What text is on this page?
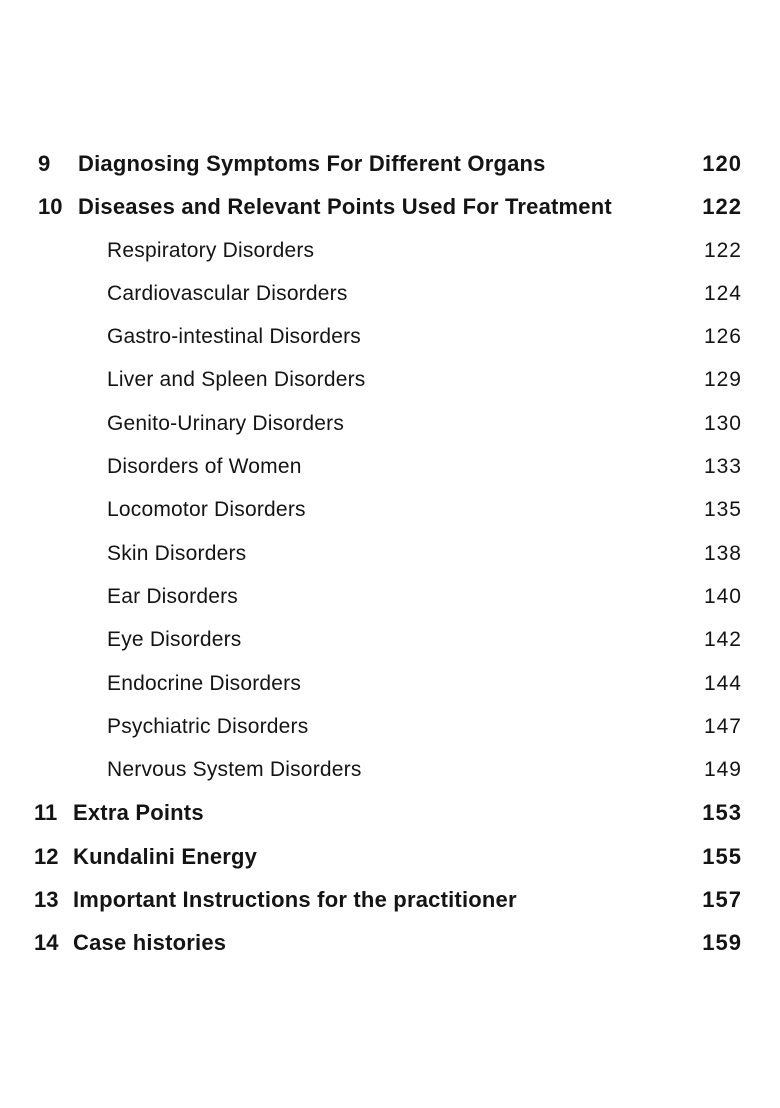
9 Diagnosing Symptoms For Different Organs	120
10 Diseases and Relevant Points Used For Treatment	122
Respiratory Disorders	122
Cardiovascular Disorders	124
Gastro-intestinal Disorders	126
Liver and Spleen Disorders	129
Genito-Urinary Disorders	130
Disorders of Women	133
Locomotor Disorders	135
Skin Disorders	138
Ear Disorders	140
Eye Disorders	142
Endocrine Disorders	144
Psychiatric Disorders	147
Nervous System Disorders	149
11 Extra Points	153
12 Kundalini Energy	155
13 Important Instructions for the practitioner	157
14 Case histories	159
